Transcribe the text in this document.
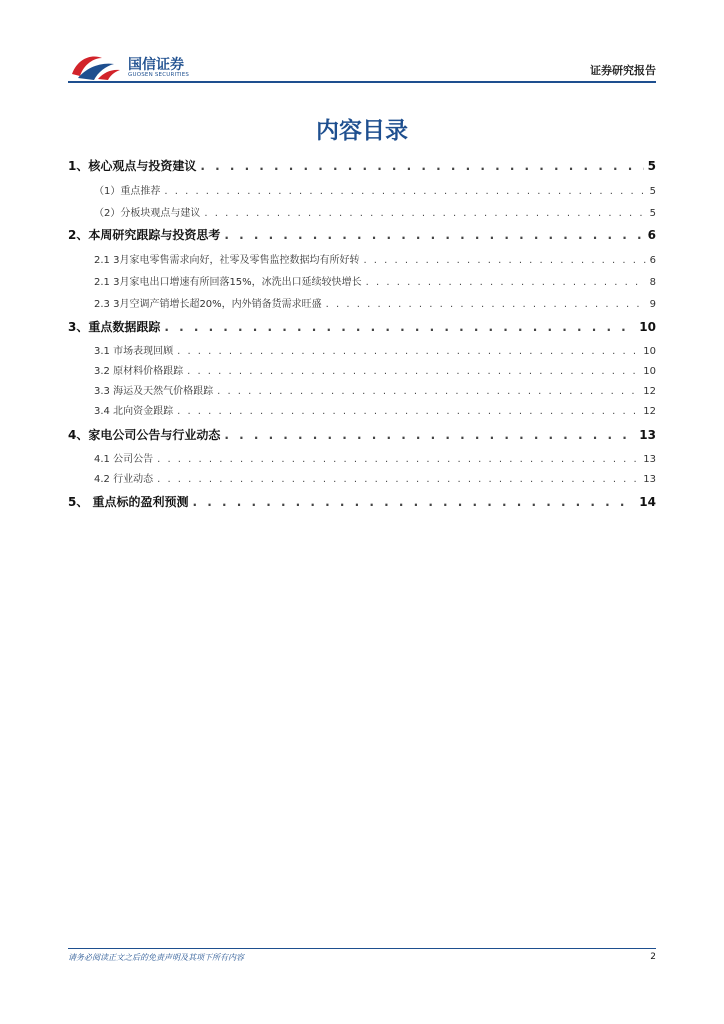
国信证券
GUOSEN SECURITIES	证券研究报告
内容目录
1、核心观点与投资建议 . . .	5
（1）重点推荐 . . .	5
（2）分板块观点与建议 . . .	5
2、本周研究跟踪与投资思考 . . .	6
2.1 3月家电零售需求向好，社零及零售监控数据均有所好转 . . .	6
2.1 3月家电出口增速有所回落15%，冰洗出口延续较快增长 . . .	8
2.3 3月空调产销增长超20%，内外销备货需求旺盛 . . .	9
3、重点数据跟踪 . . .	10
3.1 市场表现回顾 . . .	10
3.2 原材料价格跟踪 . . .	10
3.3 海运及天然气价格跟踪 . . .	12
3.4 北向资金跟踪 . . .	12
4、家电公司公告与行业动态 . . .	13
4.1 公司公告 . . .	13
4.2 行业动态 . . .	13
5、 重点标的盈利预测 . . .	14
请务必阅读正文之后的免责声明及其项下所有内容	2
